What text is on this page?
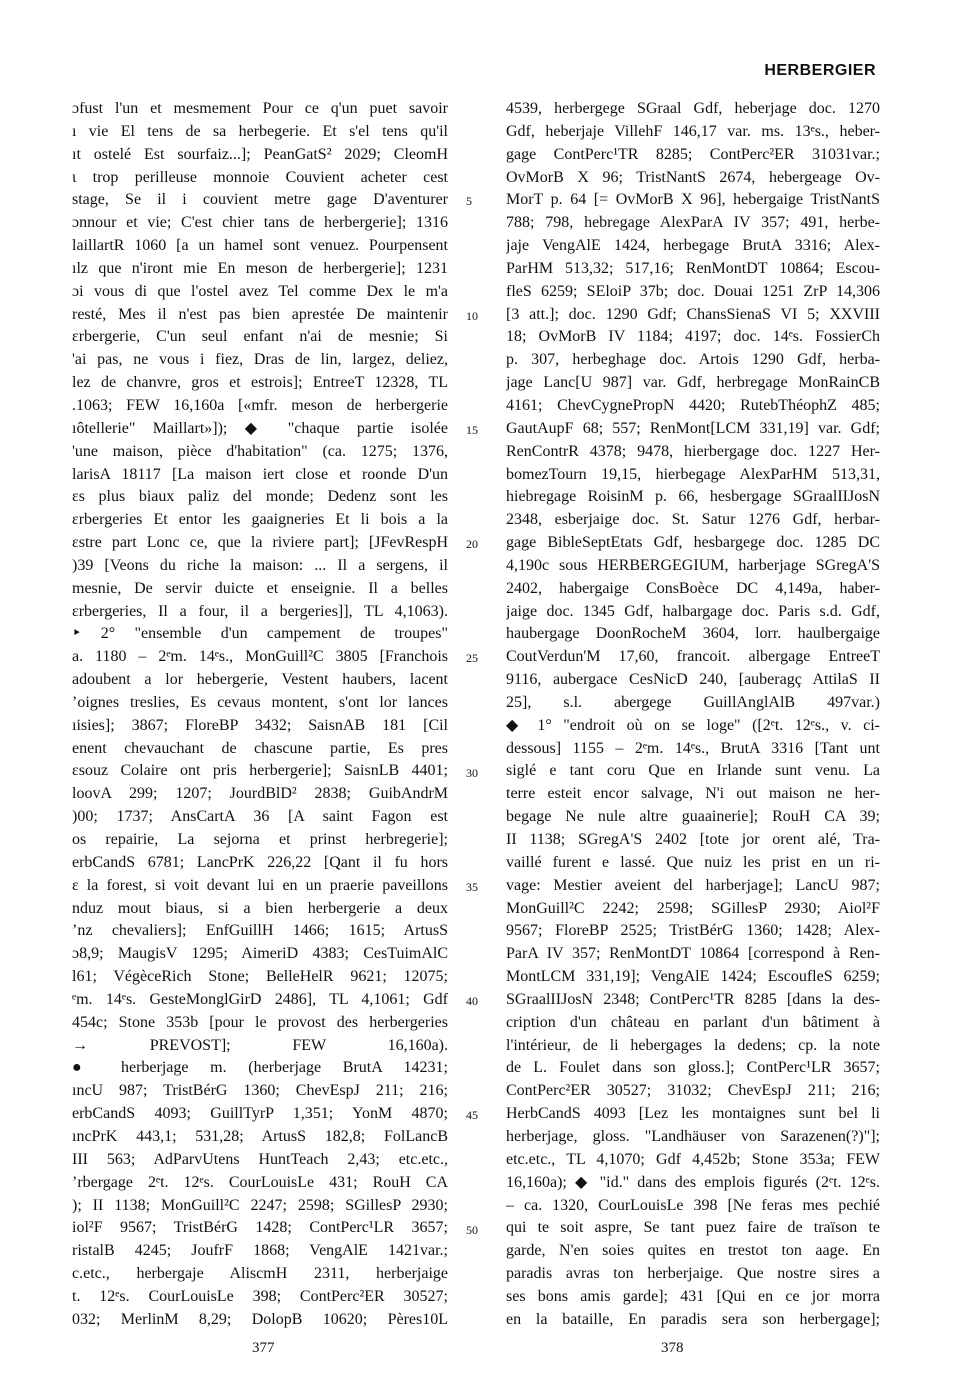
HERBERGIER
ɔfust l'un et mesmement Pour ce q'un puet savoir
ı vie El tens de sa herbegerie. Et s'el tens qu'il
ıt ostelé Est sourfaiz...]; PeanGatS² 2029; CleomH
ɩ trop perilleuse monnoie Couvient acheter cest
stage, Se il i couvient metre gage D'aventurer
ɔnnour et vie; C'est chier tans de herbergerie]; 1316
laillartR 1060 [a un hamel sont venuez. Pourpensent
ılz que n'iront mie En meson de herbergerie]; 1231
ɔi vous di que l'ostel avez Tel comme Dex le m'a
resté, Mes il n'est pas bien aprestée De maintenir
ɛrbergerie, C'un seul enfant n'ai de mesnie; Si
'ai pas, ne vous i fiez, Dras de lin, largez, deliez,
lez de chanvre, gros et estrois]; EntreeT 12328, TL
.1063; FEW 16,160a [«mfr. meson de herbergerie
ıôtellerie" Maillart»]); ◆ "chaque partie isolée
'une maison, pièce d'habitation" (ca. 1275; 1376,
larisA 18117 [La maison iert close et roonde D'un
ɛs plus biaux paliz del monde; Dedenz sont les
ɛrbergeries Et entor les gaaigneries Et li bois a la
ɛstre part Lonc ce, que la riviere part]; [JFevRespH
)39 [Veons du riche la maison: ... Il a sergens, il
mesnie, De servir duicte et enseignie. Il a belles
ɛrbergeries, Il a four, il a bergeries]], TL 4,1063).
‣ 2° "ensemble d'un campement de troupes"
a. 1180 – 2ᵉm. 14ᵉs., MonGuill²C 3805 [Franchois
adoubent a lor hebergerie, Vestent haubers, lacent
ʼoignes treslies, Es cevaus montent, s'ont lor lances
ıisies]; 3867; FloreBP 3432; SaisnAB 181 [Cil
enent chevauchant de chascune partie, Es pres
ɛsouz Colaire ont pris herbergerie]; SaisnLB 4401;
loovA 299; 1207; JourdBlD² 2838; GuibAndrM
)00; 1737; AnsCartA 36 [A saint Fagon est
os repairie, La sejorna et prinst herbregerie];
erbCandS 6781; LancPrK 226,22 [Qant il fu hors
ɛ la forest, si voit devant lui en un praerie paveillons
nduz mout biaus, si a bien herbergerie a deux
ʼnz chevaliers]; EnfGuillH 1466; 1615; ArtusS
ɔ8,9; MaugisV 1295; AimeriD 4383; CesTuimAlC
l61; VégèceRich Stone; BelleHelR 9621; 12075;
ᵉm. 14ᵉs. GesteMonglGirD 2486], TL 4,1061; Gdf
454c; Stone 353b [pour le provost des herbergeries
→ PREVOST]; FEW 16,160a).
● herberjage m. (herberjage BrutA 14231;
ıncU 987; TristBérG 1360; ChevEspJ 211; 216;
erbCandS 4093; GuillTyrP 1,351; YonM 4870;
ıncPrK 443,1; 531,28; ArtusS 182,8; FolLancB
III 563; AdParvUtens HuntTeach 2,43; etc.etc.,
ʼrbergage 2ᵉt. 12ᵉs. CourLouisLe 431; RouH CA
); II 1138; MonGuill²C 2247; 2598; SGillesP 2930;
iol²F 9567; TristBérG 1428; ContPerc¹LR 3657;
ristalB 4245; JoufrF 1868; VengAlE 1421var.;
c.etc., herbergaje AliscmH 2311, herberjaige
t. 12ᵉs. CourLouisLe 398; ContPerc²ER 30527;
032; MerlinM 8,29; DolopB 10620; Pères10L
5
10
15
20
25
30
35
40
45
50
4539, herbergege SGraal Gdf, heberjage doc. 1270
Gdf, heberjaje VillehF 146,17 var. ms. 13ᵉs., heber-
gage ContPerc¹TR 8285; ContPerc²ER 31031var.;
OvMorB X 96; TristNantS 2674, hebergeage Ov-
MorT p. 64 [= OvMorB X 96], hebergaige TristNantS
788; 798, hebregage AlexParA IV 357; 491, herbe-
jaje VengAlE 1424, herbegage BrutA 3316; Alex-
ParHM 513,32; 517,16; RenMontDT 10864; Escou-
fleS 6259; SEloiP 37b; doc. Douai 1251 ZrP 14,306
[3 att.]; doc. 1290 Gdf; ChansSienaS VI 5; XXVIII
18; OvMorB IV 1184; 4197; doc. 14ᵉs. FossierCh
p. 307, herbeghage doc. Artois 1290 Gdf, herba-
jage Lanc[U 987] var. Gdf, herbregage MonRainCB
4161; ChevCygnePropN 4420; RutebThéophZ 485;
GautAupF 68; 557; RenMont[LCM 331,19] var. Gdf;
RenContrR 4378; 9478, hierbergage doc. 1227 Her-
bomezTourn 19,15, hierbegage AlexParHM 513,31,
hiebregage RoisinM p. 66, hesbergage SGraalIIJosN
2348, esberjaige doc. St. Satur 1276 Gdf, herbar-
gage BibleSeptEtats Gdf, hesbargege doc. 1285 DC
4,190c sous HERBERGEGIUM, harberjage SGregA'S
2402, habergaige ConsBoèce DC 4,149a, haber-
jaige doc. 1345 Gdf, halbargage doc. Paris s.d. Gdf,
haubergage DoonRocheM 3604, lorr. haulbergaige
CoutVerdun'M 17,60, francoit. albergage EntreeT
9116, aubergace CesNicD 240, [auberagç AttilaS II
25], s.l. abergege GuillAnglAlB 497var.)
◆ 1° "endroit où on se loge" ([2ᵉt. 12ᵉs., v. ci-
dessous] 1155 – 2ᵉm. 14ᵉs., BrutA 3316 [Tant unt
siglé e tant coru Que en Irlande sunt venu. La
terre esteit encor salvage, N'i out maison ne her-
begage Ne nule altre guaainerie]; RouH CA 39;
II 1138; SGregA'S 2402 [tote jor orent alé, Tra-
vaillé furent e lassé. Que nuiz les prist en un ri-
vage: Mestier aveient del harberjage]; LancU 987;
MonGuill²C 2242; 2598; SGillesP 2930; Aiol²F
9567; FloreBP 2525; TristBérG 1360; 1428; Alex-
ParA IV 357; RenMontDT 10864 [correspond à Ren-
MontLCM 331,19]; VengAlE 1424; EscoufleS 6259;
SGraalIIJosN 2348; ContPerc¹TR 8285 [dans la des-
cription d'un château en parlant d'un bâtiment à
l'intérieur, de li hebergages la dedens; cp. la note
de L. Foulet dans son gloss.]; ContPerc¹LR 3657;
ContPerc²ER 30527; 31032; ChevEspJ 211; 216;
HerbCandS 4093 [Lez les montaignes sunt bel li
herberjage, gloss. "Landhäuser von Sarazenen(?)"];
etc.etc., TL 4,1070; Gdf 4,452b; Stone 353a; FEW
16,160a); ◆ "id." dans des emplois figurés (2ᵉt. 12ᵉs.
– ca. 1320, CourLouisLe 398 [Ne feras mes pechié
qui te soit aspre, Se tant puez faire de traïson te
garde, N'en soies quites en trestot ton aage. En
paradis avras ton herberjaige. Que nostre sires a
ses bons amis garde]; 431 [Qui en ce jor morra
en la bataille, En paradis sera son herbergage];
377	378
